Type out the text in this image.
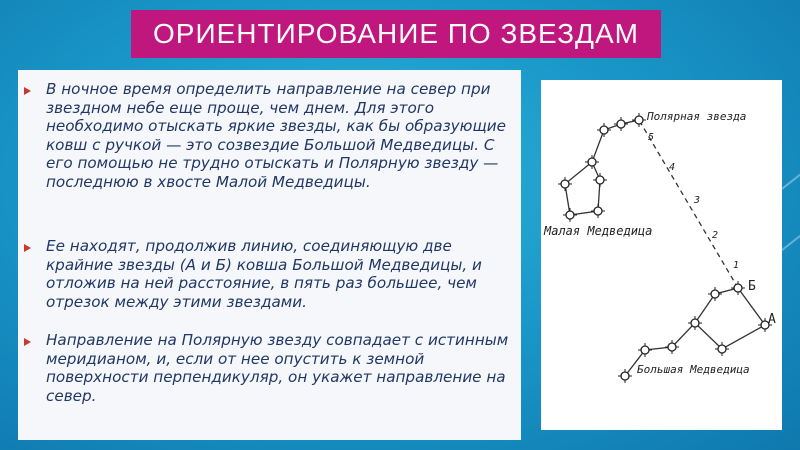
ОРИЕНТИРОВАНИЕ ПО ЗВЕЗДАМ
В ночное время определить направление на север при звездном небе еще проще, чем днем. Для этого необходимо отыскать яркие звезды, как бы образующие ковш с ручкой — это созвездие Большой Медведицы. С его помощью не трудно отыскать и Полярную звезду — последнюю в хвосте Малой Медведицы.
Ее находят, продолжив линию, соединяющую две крайние звезды (А и Б) ковша Большой Медведицы, и отложив на ней расстояние, в пять раз большее, чем отрезок между этими звездами.
Направление на Полярную звезду совпадает с истинным меридианом, и, если от нее опустить к земной поверхности перпендикуляр, он укажет направление на север.
Полярная звезда
Малая Медведица
Большая Медведица
Б
А
5
4
3
2
1
